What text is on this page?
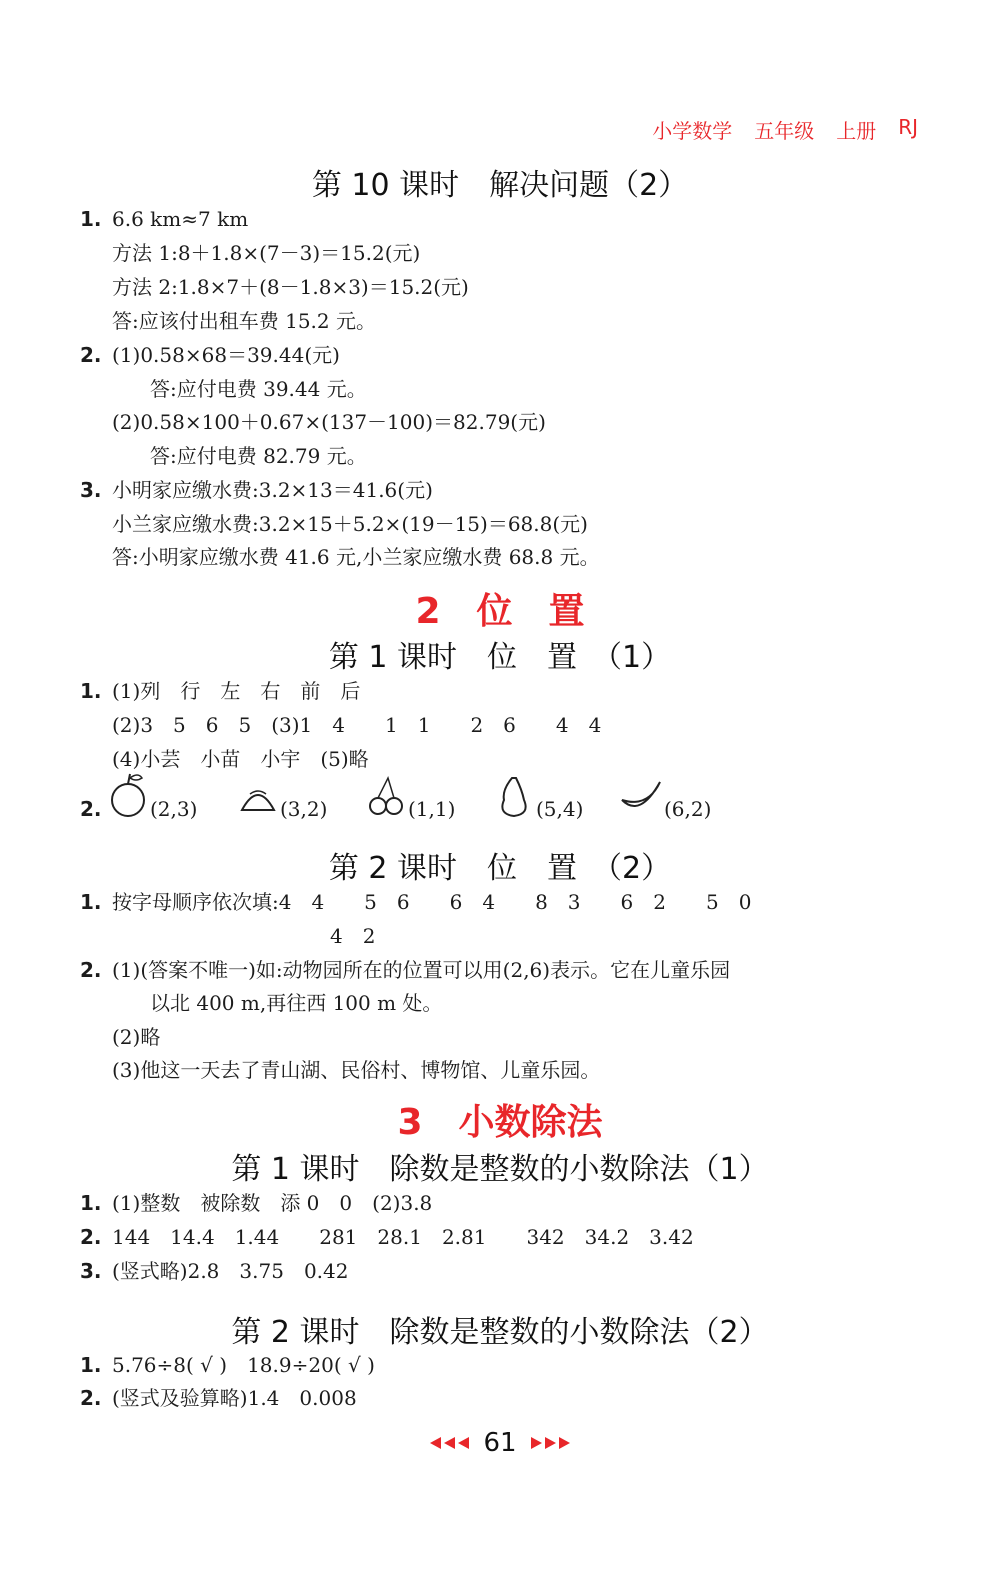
小学数学 五年级 上册 RJ
第 10 课时　解决问题（2）
1. 6.6 km≈7 km
方法 1:8＋1.8×(7－3)＝15.2(元)
方法 2:1.8×7＋(8－1.8×3)＝15.2(元)
答:应该付出租车费 15.2 元。
2. (1)0.58×68＝39.44(元)
答:应付电费 39.44 元。
(2)0.58×100＋0.67×(137－100)＝82.79(元)
答:应付电费 82.79 元。
3. 小明家应缴水费:3.2×13＝41.6(元)
小兰家应缴水费:3.2×15＋5.2×(19－15)＝68.8(元)
答:小明家应缴水费 41.6 元,小兰家应缴水费 68.8 元。
2　位　置
第 1 课时　位　置　（1）
1. (1)列　行　左　右　前　后
(2)3　5　6　5　(3)1　4　　1　1　　2　6　　4　4
(4)小芸　小苗　小宇　(5)略
2. (2,3)	(3,2)	(1,1)	(5,4)	(6,2)
第 2 课时　位　置　（2）
1. 按字母顺序依次填:4　4　　5　6　　6　4　　8　3　　6　2　　5　0
4　2
2. (1)(答案不唯一)如:动物园所在的位置可以用(2,6)表示。它在儿童乐园
以北 400 m,再往西 100 m 处。
(2)略
(3)他这一天去了青山湖、民俗村、博物馆、儿童乐园。
3　小数除法
第 1 课时　除数是整数的小数除法（1）
1. (1)整数　被除数　添 0　0　(2)3.8
2. 144　14.4　1.44　　281　28.1　2.81　　342　34.2　3.42
3. (竖式略)2.8　3.75　0.42
第 2 课时　除数是整数的小数除法（2）
1. 5.76÷8( √ )　18.9÷20( √ )
2. (竖式及验算略)1.4　0.008
61
